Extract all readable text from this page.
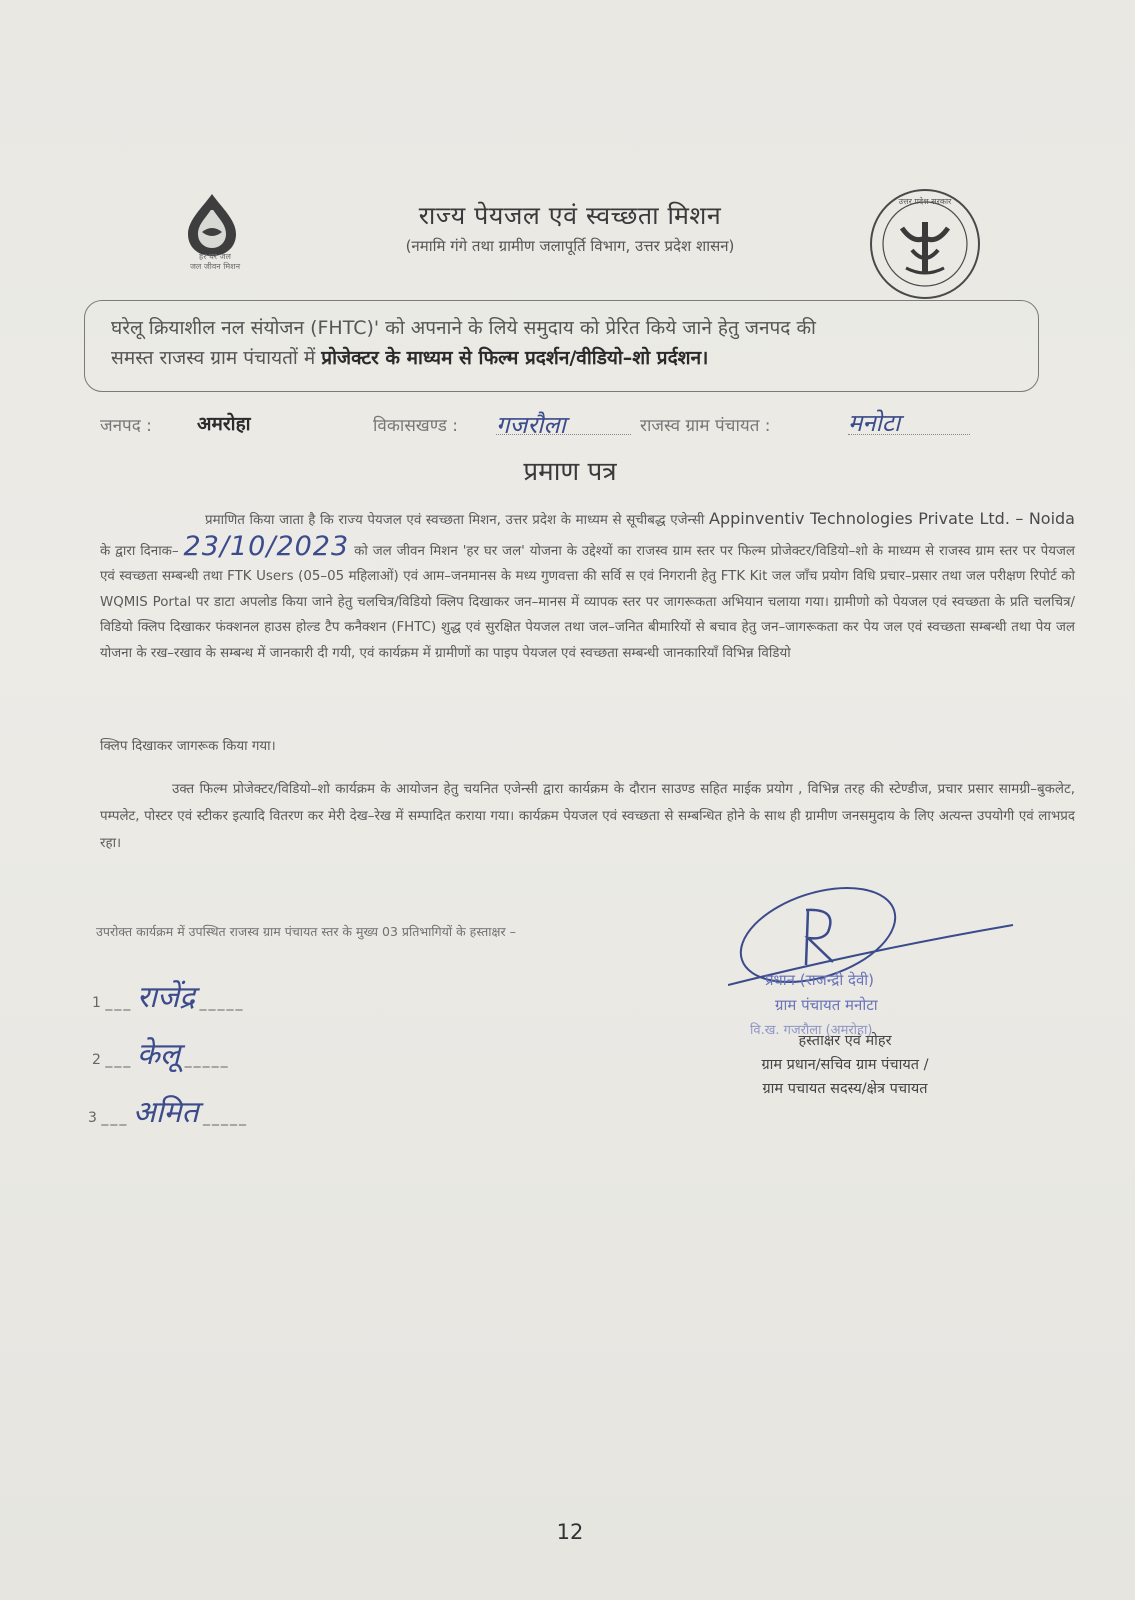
हर घर जल
जल जीवन मिशन
राज्य पेयजल एवं स्वच्छता मिशन
(नमामि गंगे तथा ग्रामीण जलापूर्ति विभाग, उत्तर प्रदेश शासन)
उत्तर प्रदेश सरकार
घरेलू क्रियाशील नल संयोजन (FHTC)' को अपनाने के लिये समुदाय को प्रेरित किये जाने हेतु जनपद की
समस्त राजस्व ग्राम पंचायतों में प्रोजेक्टर के माध्यम से फिल्म प्रदर्शन/वीडियो–शो प्रर्दशन।
जनपद : अमरोहा	विकासखण्ड : गजरौला	राजस्व ग्राम पंचायत :	मनोटा
प्रमाण पत्र
प्रमाणित किया जाता है कि राज्य पेयजल एवं स्वच्छता मिशन, उत्तर प्रदेश के माध्यम से सूचीबद्ध एजेन्सी Appinventiv Technologies Private Ltd. – Noida के द्वारा दिनाक– 23/10/2023 को जल जीवन मिशन 'हर घर जल' योजना के उद्देश्यों का राजस्व ग्राम स्तर पर फिल्म प्रोजेक्टर/विडियो–शो के माध्यम से राजस्व ग्राम स्तर पर पेयजल एवं स्वच्छता सम्बन्धी तथा FTK Users (05–05 महिलाओं) एवं आम–जनमानस के मध्य गुणवत्ता की सर्वि स एवं निगरानी हेतु FTK Kit जल जाँच प्रयोग विधि प्रचार–प्रसार तथा जल परीक्षण रिपोर्ट को WQMIS Portal पर डाटा अपलोड किया जाने हेतु चलचित्र/विडियो क्लिप दिखाकर जन–मानस में व्यापक स्तर पर जागरूकता अभियान चलाया गया। ग्रामीणो को पेयजल एवं स्वच्छता के प्रति चलचित्र/विडियो क्लिप दिखाकर फंक्शनल हाउस होल्ड टैप कनैक्शन (FHTC) शुद्ध एवं सुरक्षित पेयजल तथा जल–जनित बीमारियों से बचाव हेतु जन–जागरूकता कर पेय जल एवं स्वच्छता सम्बन्धी तथा पेय जल योजना के रख–रखाव के सम्बन्ध में जानकारी दी गयी, एवं कार्यक्रम में ग्रामीणों का पाइप पेयजल एवं स्वच्छता सम्बन्धी जानकारियाँ विभिन्न विडियो
क्लिप दिखाकर जागरूक किया गया।
उक्त फिल्म प्रोजेक्टर/विडियो–शो कार्यक्रम के आयोजन हेतु चयनित एजेन्सी द्वारा कार्यक्रम के दौरान साउण्ड सहित माईक प्रयोग , विभिन्न तरह की स्टेण्डीज, प्रचार प्रसार सामग्री–बुकलेट, पम्पलेट, पोस्टर एवं स्टीकर इत्यादि वितरण कर मेरी देख–रेख में सम्पादित कराया गया। कार्यक्रम पेयजल एवं स्वच्छता से सम्बन्धित होने के साथ ही ग्रामीण जनसमुदाय के लिए अत्यन्त उपयोगी एवं लाभप्रद रहा।
उपरोक्त कार्यक्रम में उपस्थित राजस्व ग्राम पंचायत स्तर के मुख्य 03 प्रतिभागियों के हस्ताक्षर –
1 ___ राजेंद्र _____
2 ___ केलू _____
3 ___ अमित _____
प्रधान (राजन्द्री देवी)
ग्राम पंचायत मनोटा
वि.ख. गजरौला (अमरोहा)
हस्ताक्षर एवं मोहर
ग्राम प्रधान/सचिव ग्राम पंचायत /
ग्राम पचायत सदस्य/क्षेत्र पचायत
12
